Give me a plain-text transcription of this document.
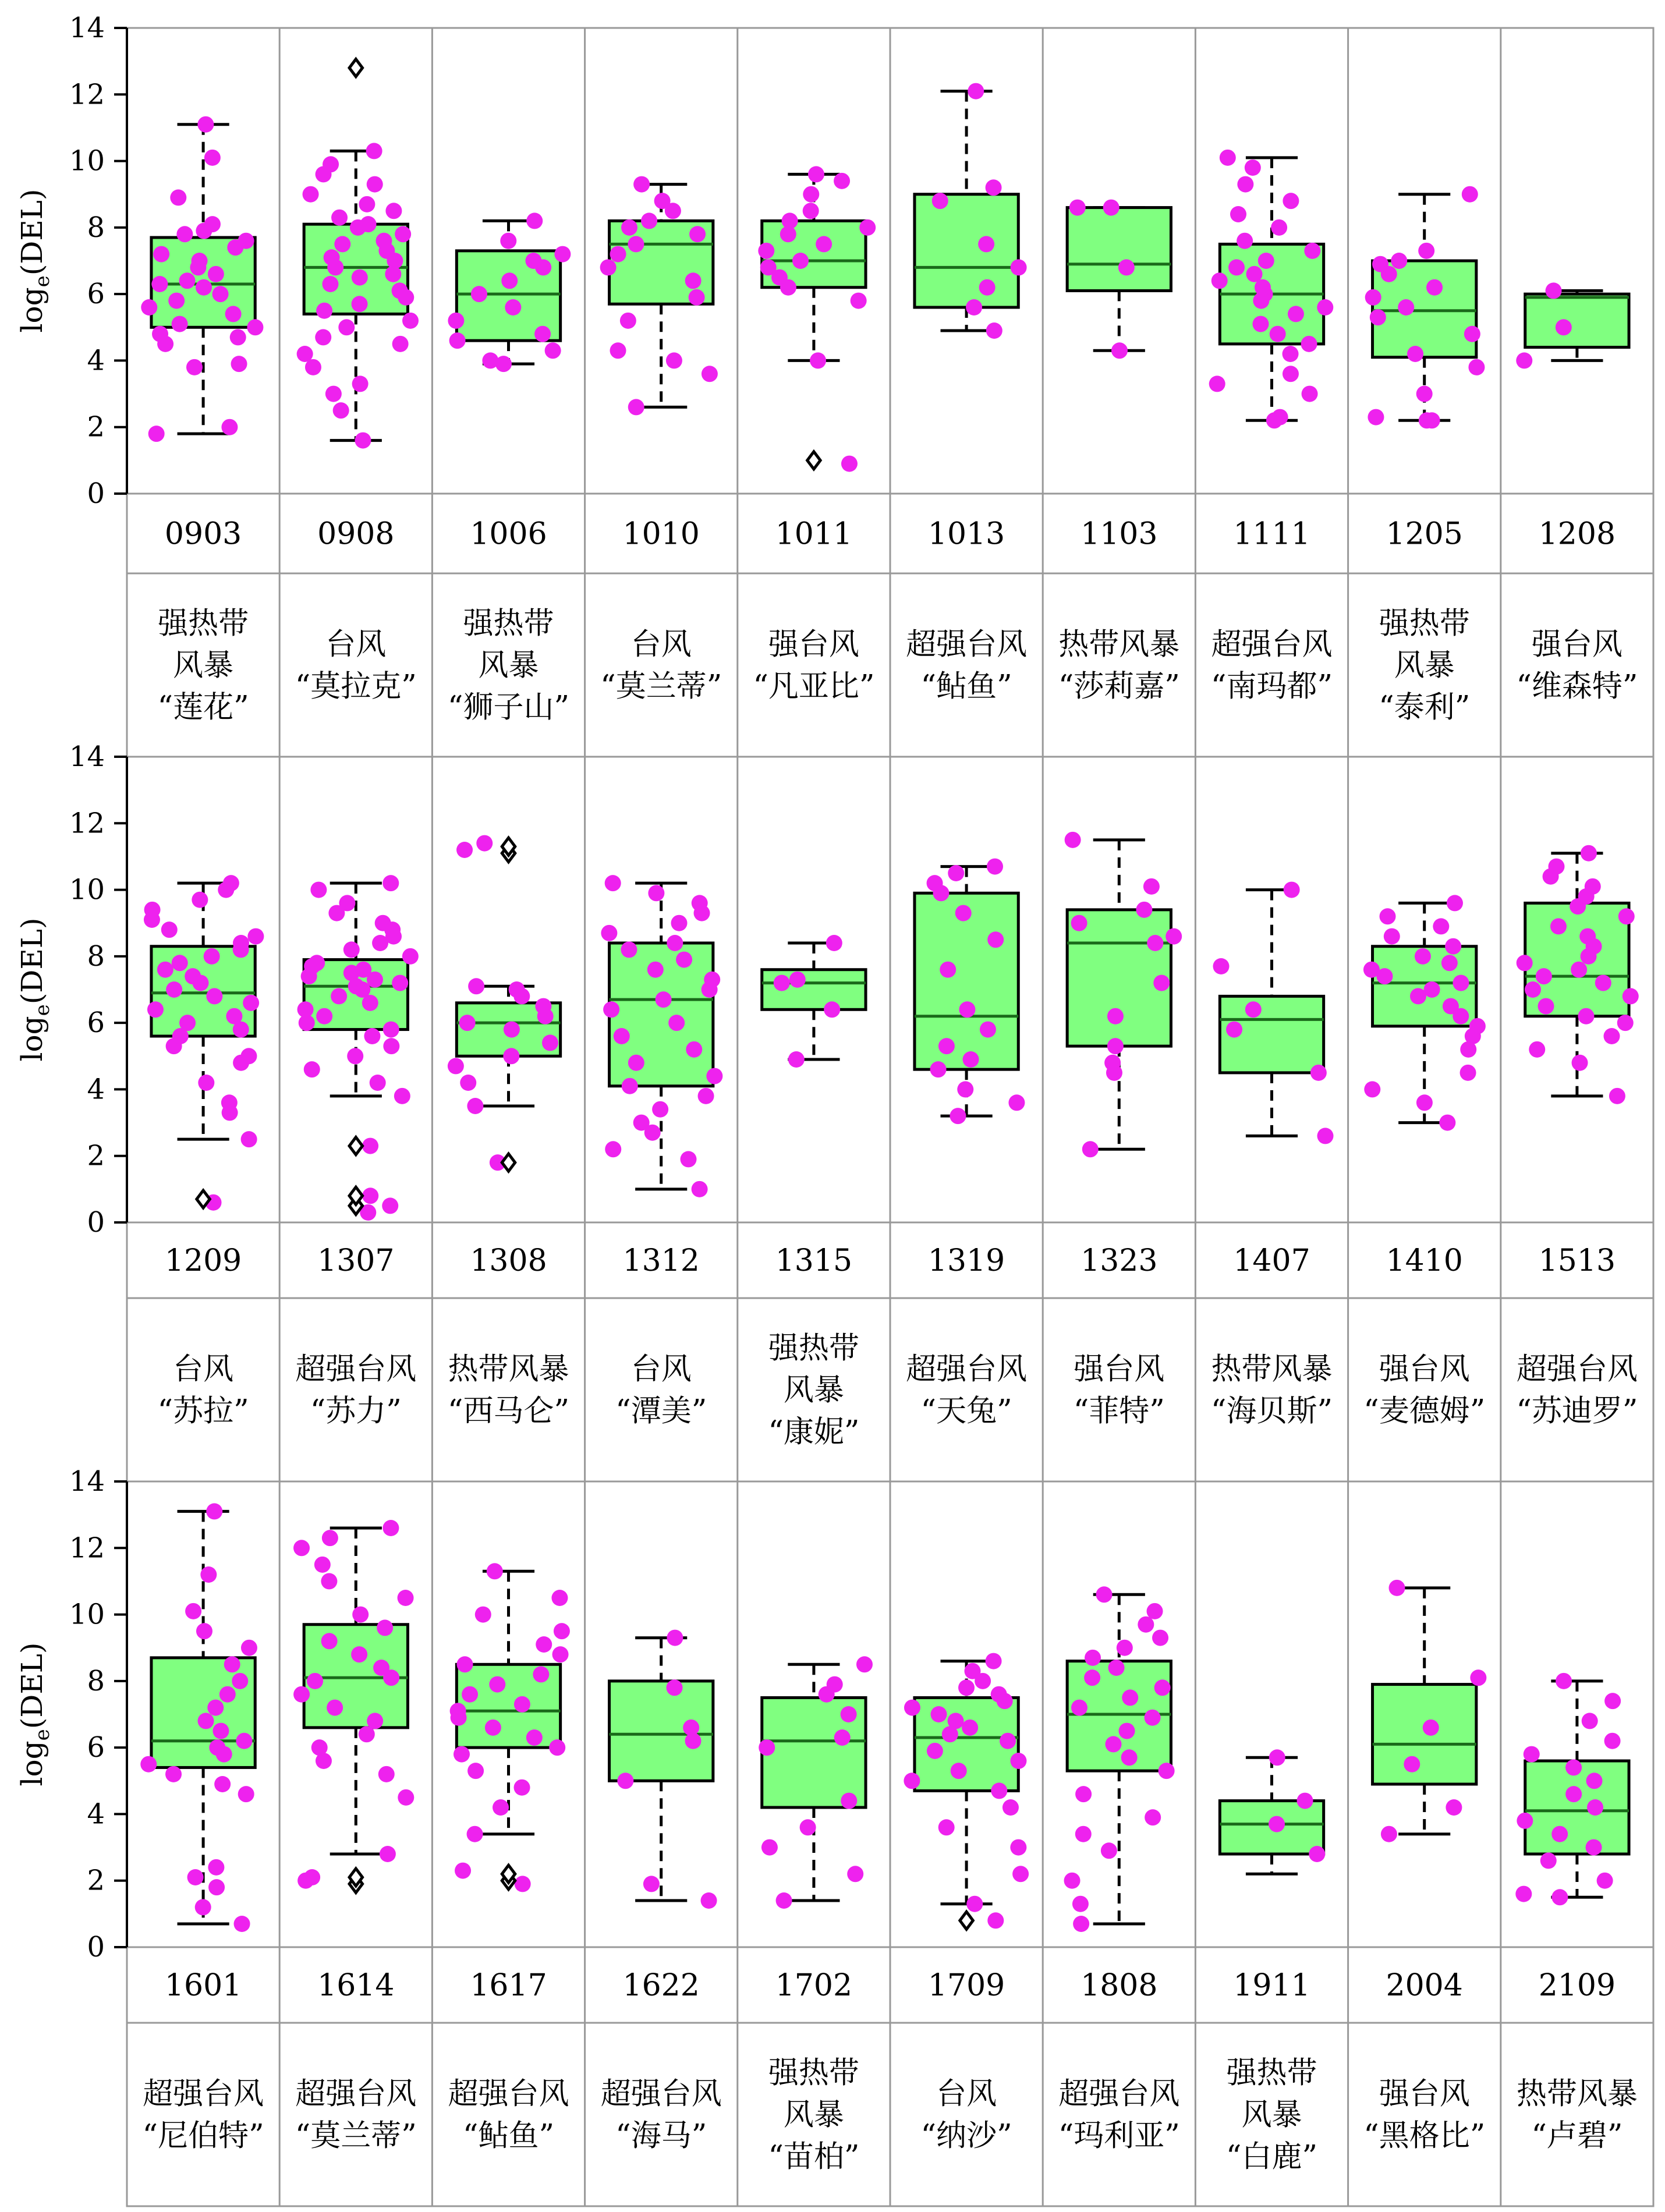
0
2
4
6
8
10
12
14
$\log_e(DEL)$
0903
强热带
风暴
“莲花”
0908
台风
“莫拉克”
1006
强热带
风暴
“狮子山”
1010
台风
“莫兰蒂”
1011
强台风
“凡亚比”
1013
超强台风
“鲇鱼”
1103
热带风暴
“莎莉嘉”
1111
超强台风
“南玛都”
1205
强热带
风暴
“泰利”
1208
强台风
“维森特”
0
2
4
6
8
10
12
14
$\log_e(DEL)$
1209
台风
“苏拉”
1307
超强台风
“苏力”
1308
热带风暴
“西马仑”
1312
台风
“潭美”
1315
强热带
风暴
“康妮”
1319
超强台风
“天兔”
1323
强台风
“菲特”
1407
热带风暴
“海贝斯”
1410
强台风
“麦德姆”
1513
超强台风
“苏迪罗”
0
2
4
6
8
10
12
14
$\log_e(DEL)$
1601
超强台风
“尼伯特”
1614
超强台风
“莫兰蒂”
1617
超强台风
“鲇鱼”
1622
超强台风
“海马”
1702
强热带
风暴
“苗柏”
1709
台风
“纳沙”
1808
超强台风
“玛利亚”
1911
强热带
风暴
“白鹿”
2004
强台风
“黑格比”
2109
热带风暴
“卢碧”
